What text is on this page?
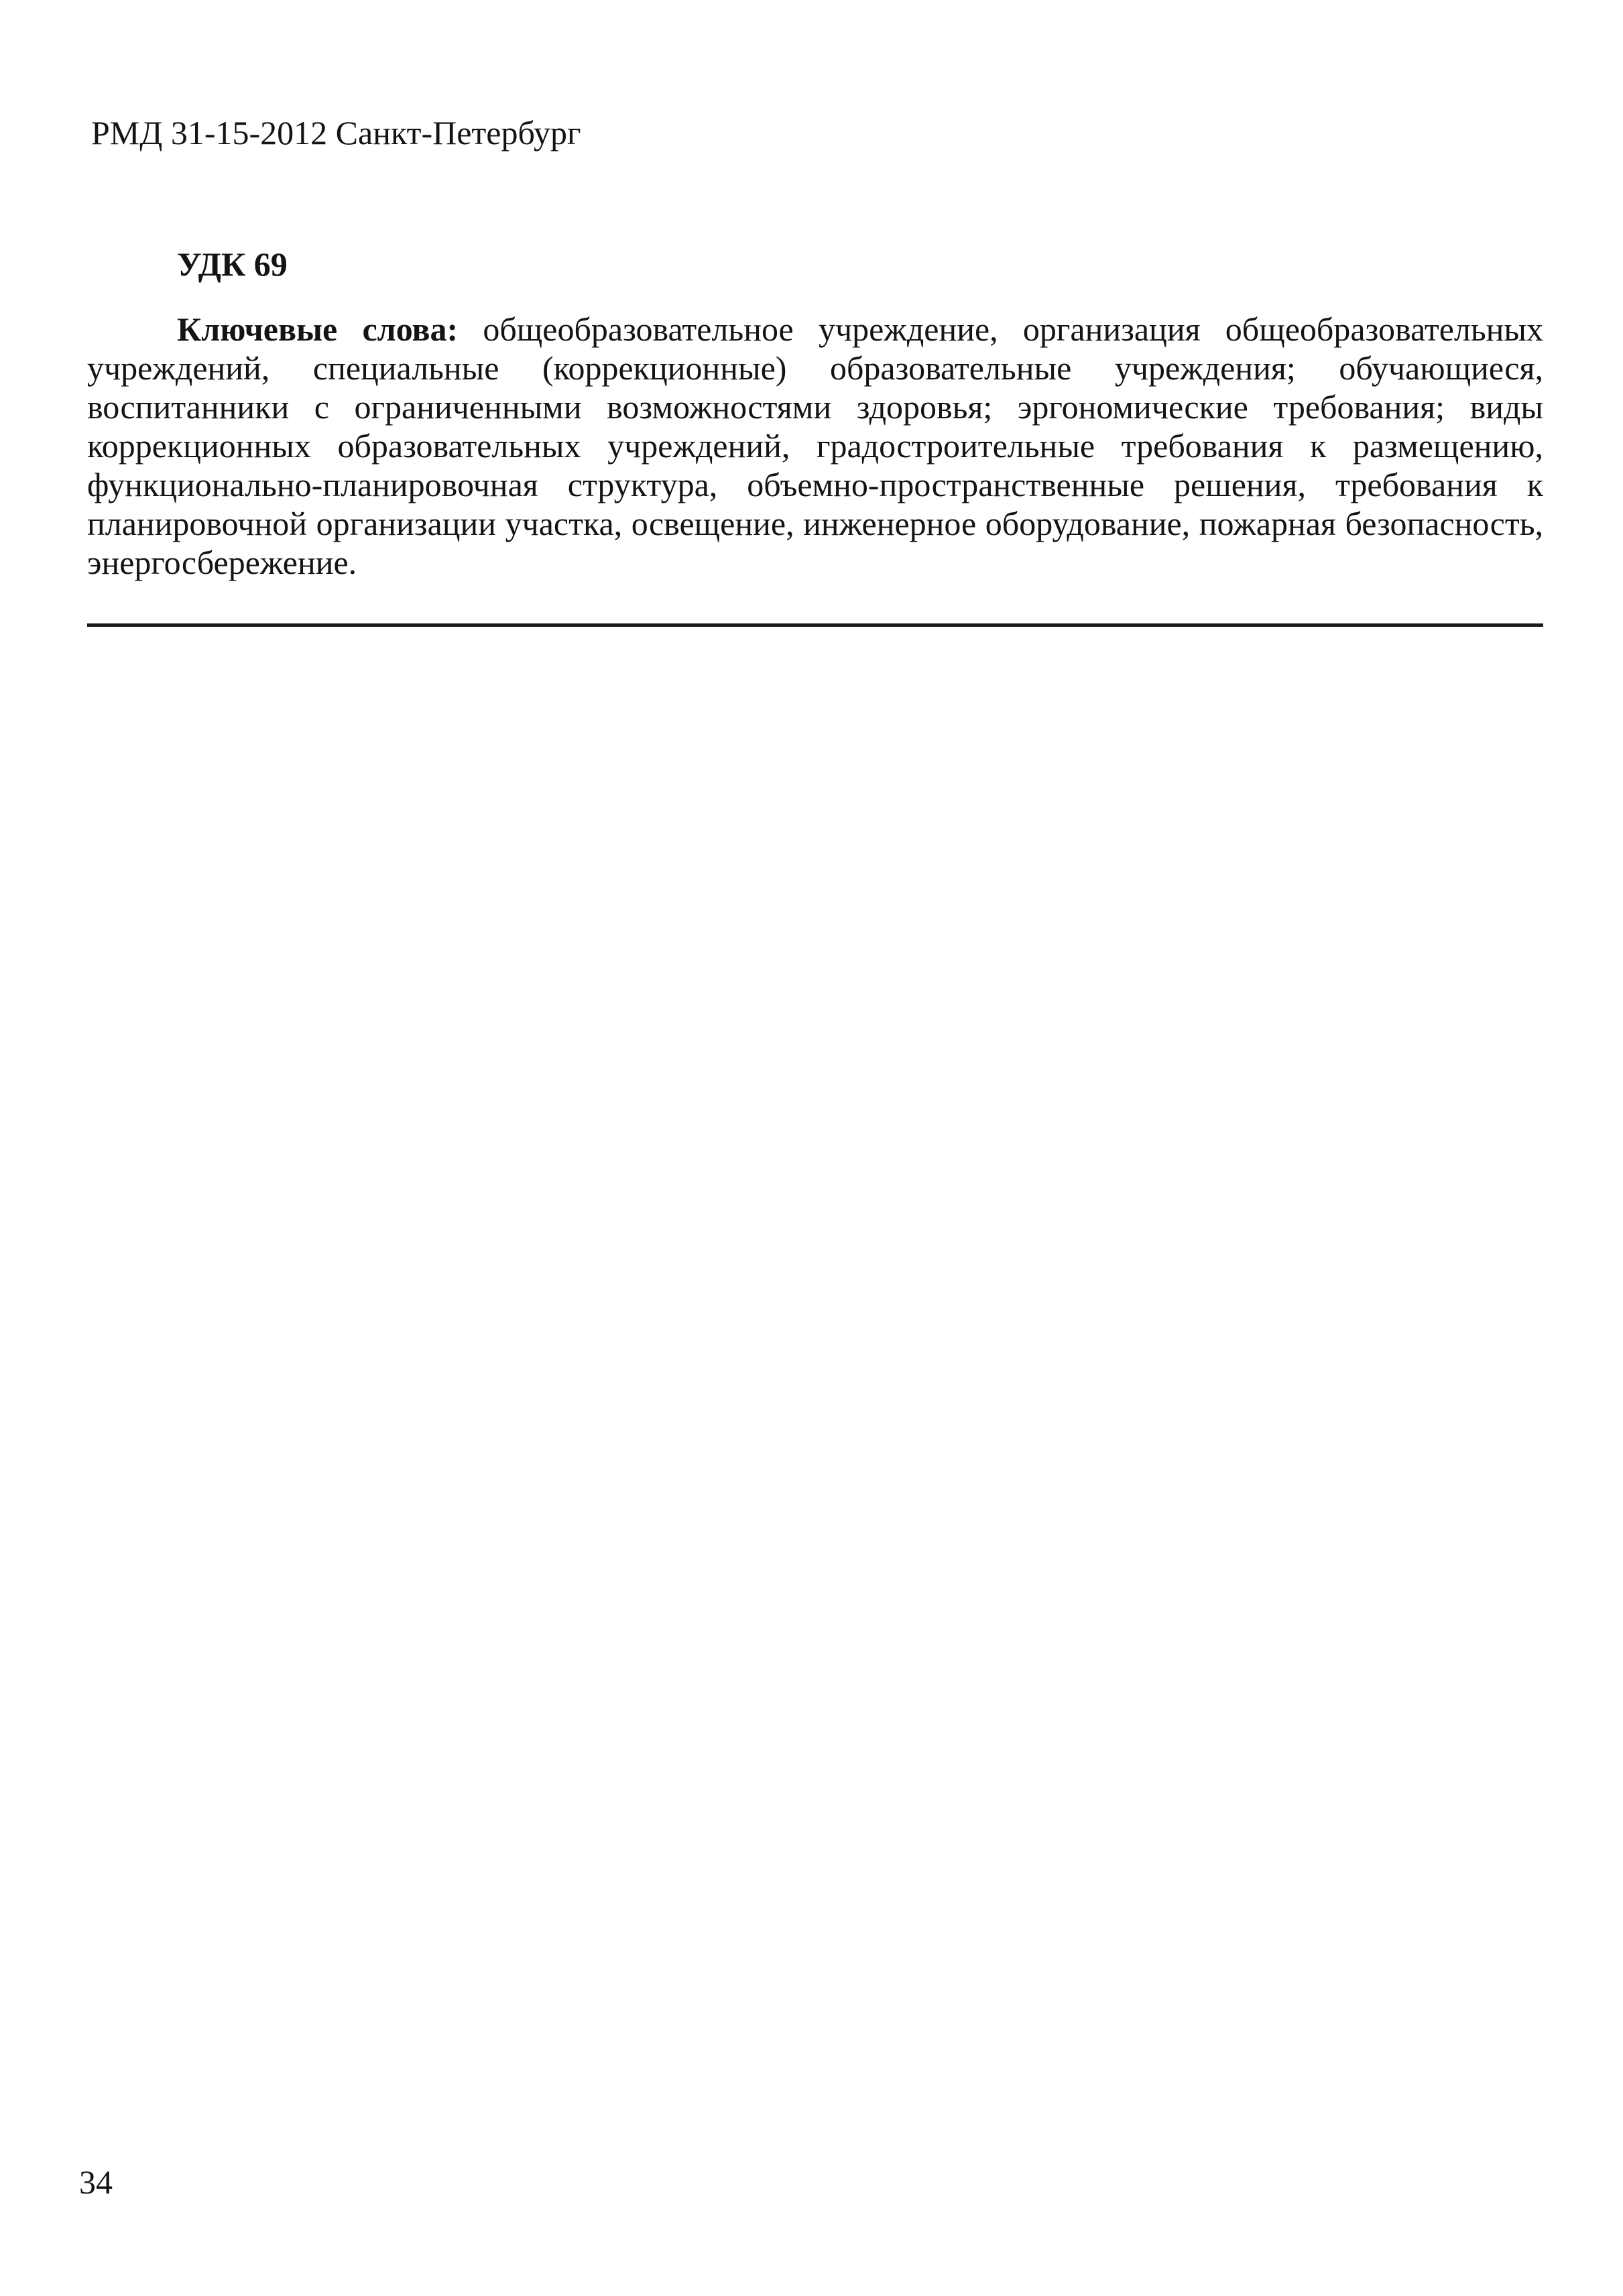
РМД 31-15-2012 Санкт-Петербург
УДК 69

Ключевые слова: общеобразовательное учреждение, организация общеобразовательных учреждений, специальные (коррекционные) образовательные учреждения; обучающиеся, воспитанники с ограниченными возможностями здоровья; эргономические требования; виды коррекционных образовательных учреждений, градостроительные требования к размещению, функционально-планировочная структура, объемно-пространственные решения, требования к планировочной организации участка, освещение, инженерное оборудование, пожарная безопасность, энергосбережение.

34
